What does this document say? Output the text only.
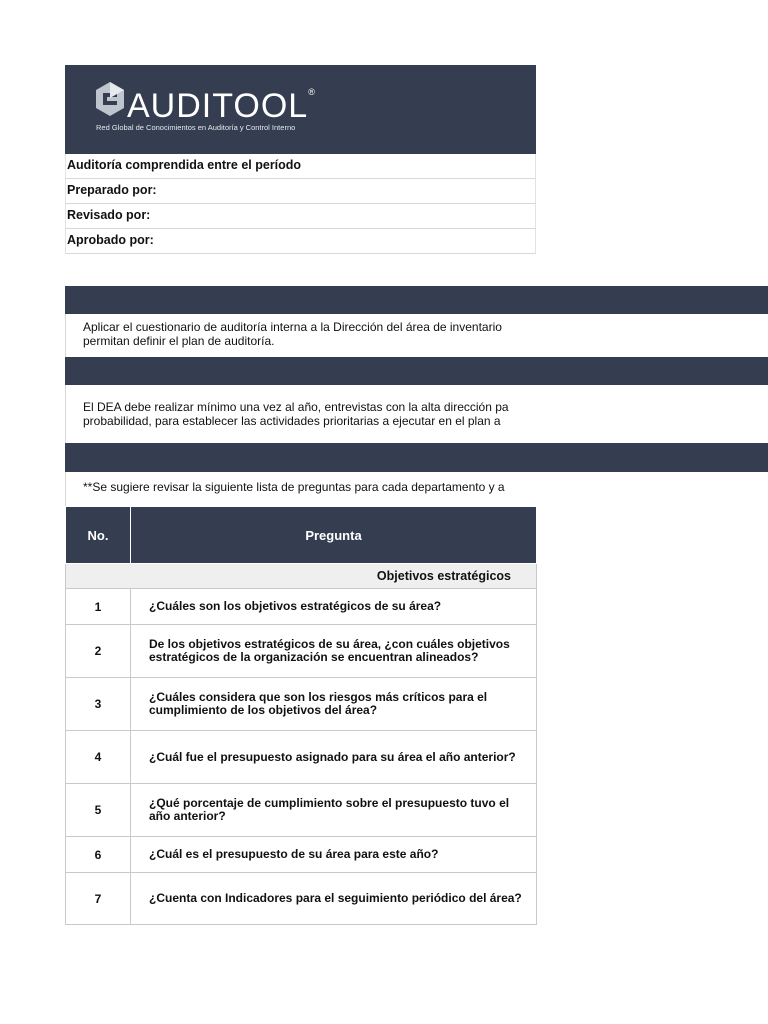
AUDITOOL®
Red Global de Conocimientos en Auditoría y Control Interno
Auditoría comprendida entre el período
Preparado por:
Revisado por:
Aprobado por:
Aplicar el cuestionario de auditoría interna a la Dirección del área de inventario
permitan definir el plan de auditoría.
El DEA debe realizar mínimo una vez al año, entrevistas con la alta dirección pa
probabilidad, para establecer las actividades prioritarias a ejecutar en el plan a
**Se sugiere revisar la siguiente lista de preguntas para cada departamento y a
No.	Pregunta
Objetivos estratégicos	
1	¿Cuáles son los objetivos estratégicos de su área?
2	De los objetivos estratégicos de su área, ¿con cuáles objetivos estratégicos de la organización se encuentran alineados?
3	¿Cuáles considera que son los riesgos más críticos para el cumplimiento de los objetivos del área?
4	¿Cuál fue el presupuesto asignado para su área el año anterior?
5	¿Qué porcentaje de cumplimiento sobre el presupuesto tuvo el año anterior?
6	¿Cuál es el presupuesto de su área para este año?
7	¿Cuenta con Indicadores para el seguimiento periódico del área?
